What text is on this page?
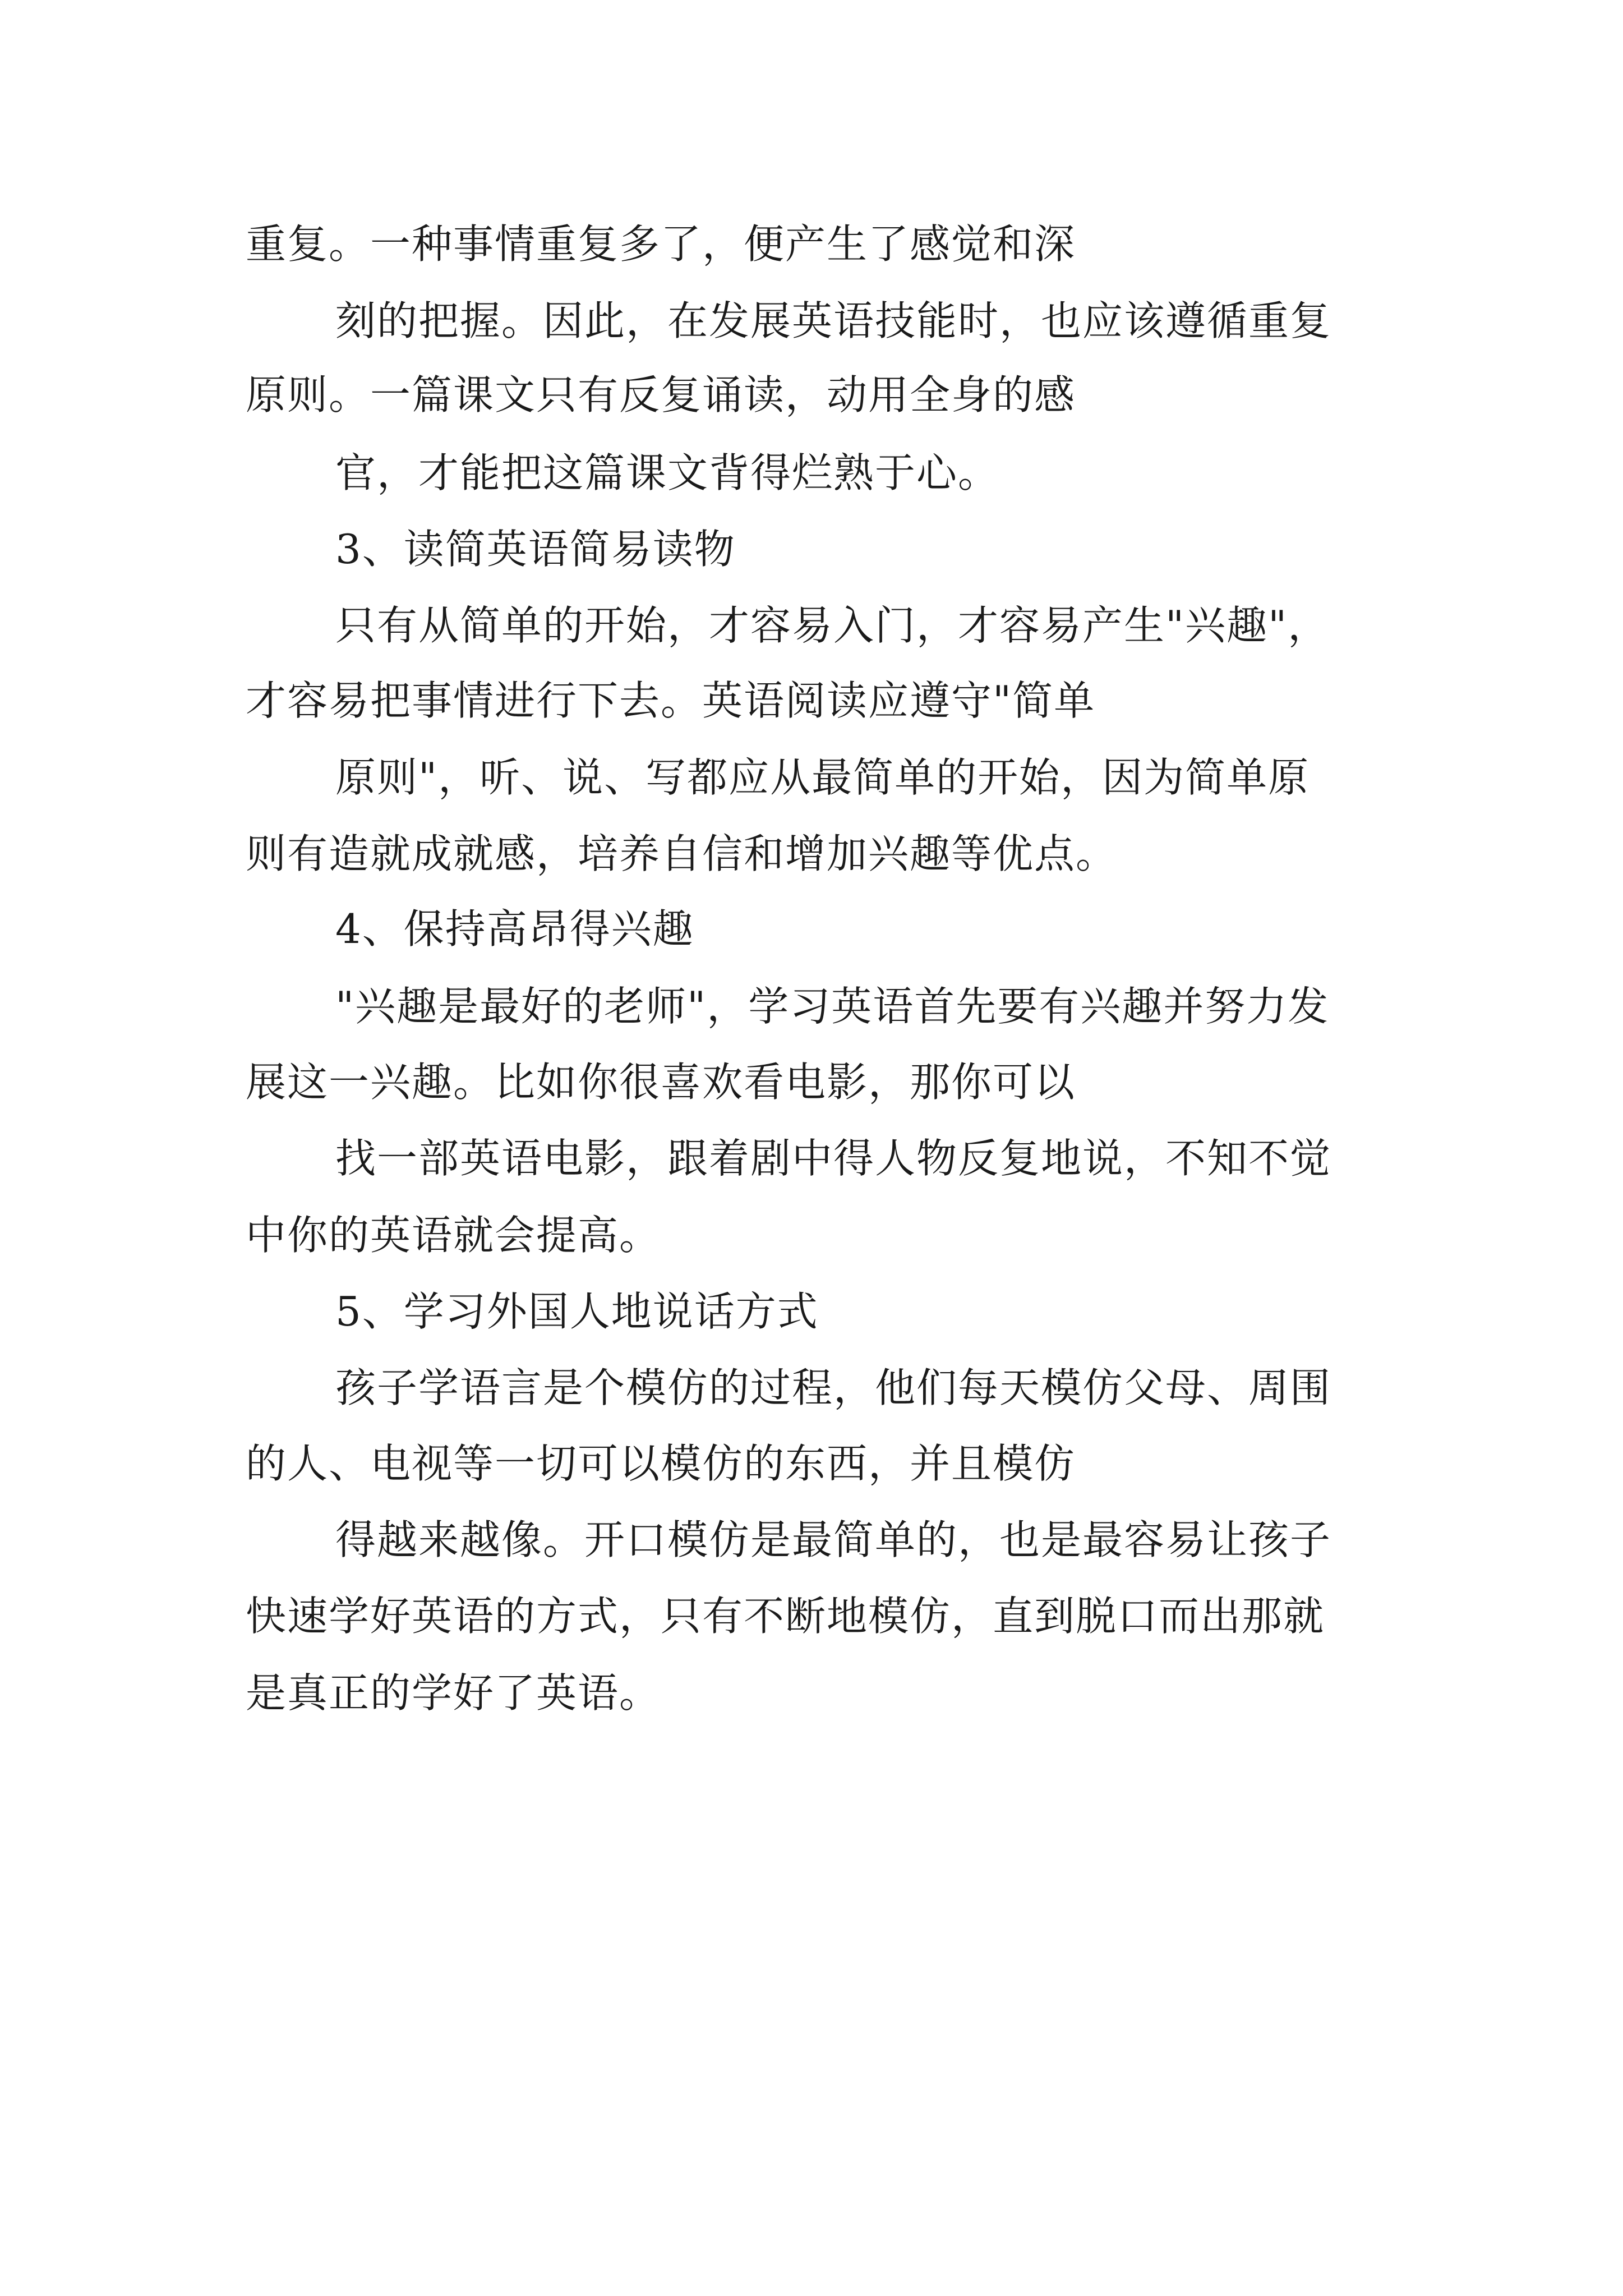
重复。一种事情重复多了，便产生了感觉和深

刻的把握。因此，在发展英语技能时，也应该遵循重复

原则。一篇课文只有反复诵读，动用全身的感

官，才能把这篇课文背得烂熟于心。

3、读简英语简易读物

只有从简单的开始，才容易入门，才容易产生"兴趣"，

才容易把事情进行下去。英语阅读应遵守"简单

原则"，听、说、写都应从最简单的开始，因为简单原

则有造就成就感，培养自信和增加兴趣等优点。

4、保持高昂得兴趣

"兴趣是最好的老师"，学习英语首先要有兴趣并努力发

展这一兴趣。比如你很喜欢看电影，那你可以

找一部英语电影，跟着剧中得人物反复地说，不知不觉

中你的英语就会提高。

5、学习外国人地说话方式

孩子学语言是个模仿的过程，他们每天模仿父母、周围

的人、电视等一切可以模仿的东西，并且模仿

得越来越像。开口模仿是最简单的，也是最容易让孩子

快速学好英语的方式，只有不断地模仿，直到脱口而出那就

是真正的学好了英语。
